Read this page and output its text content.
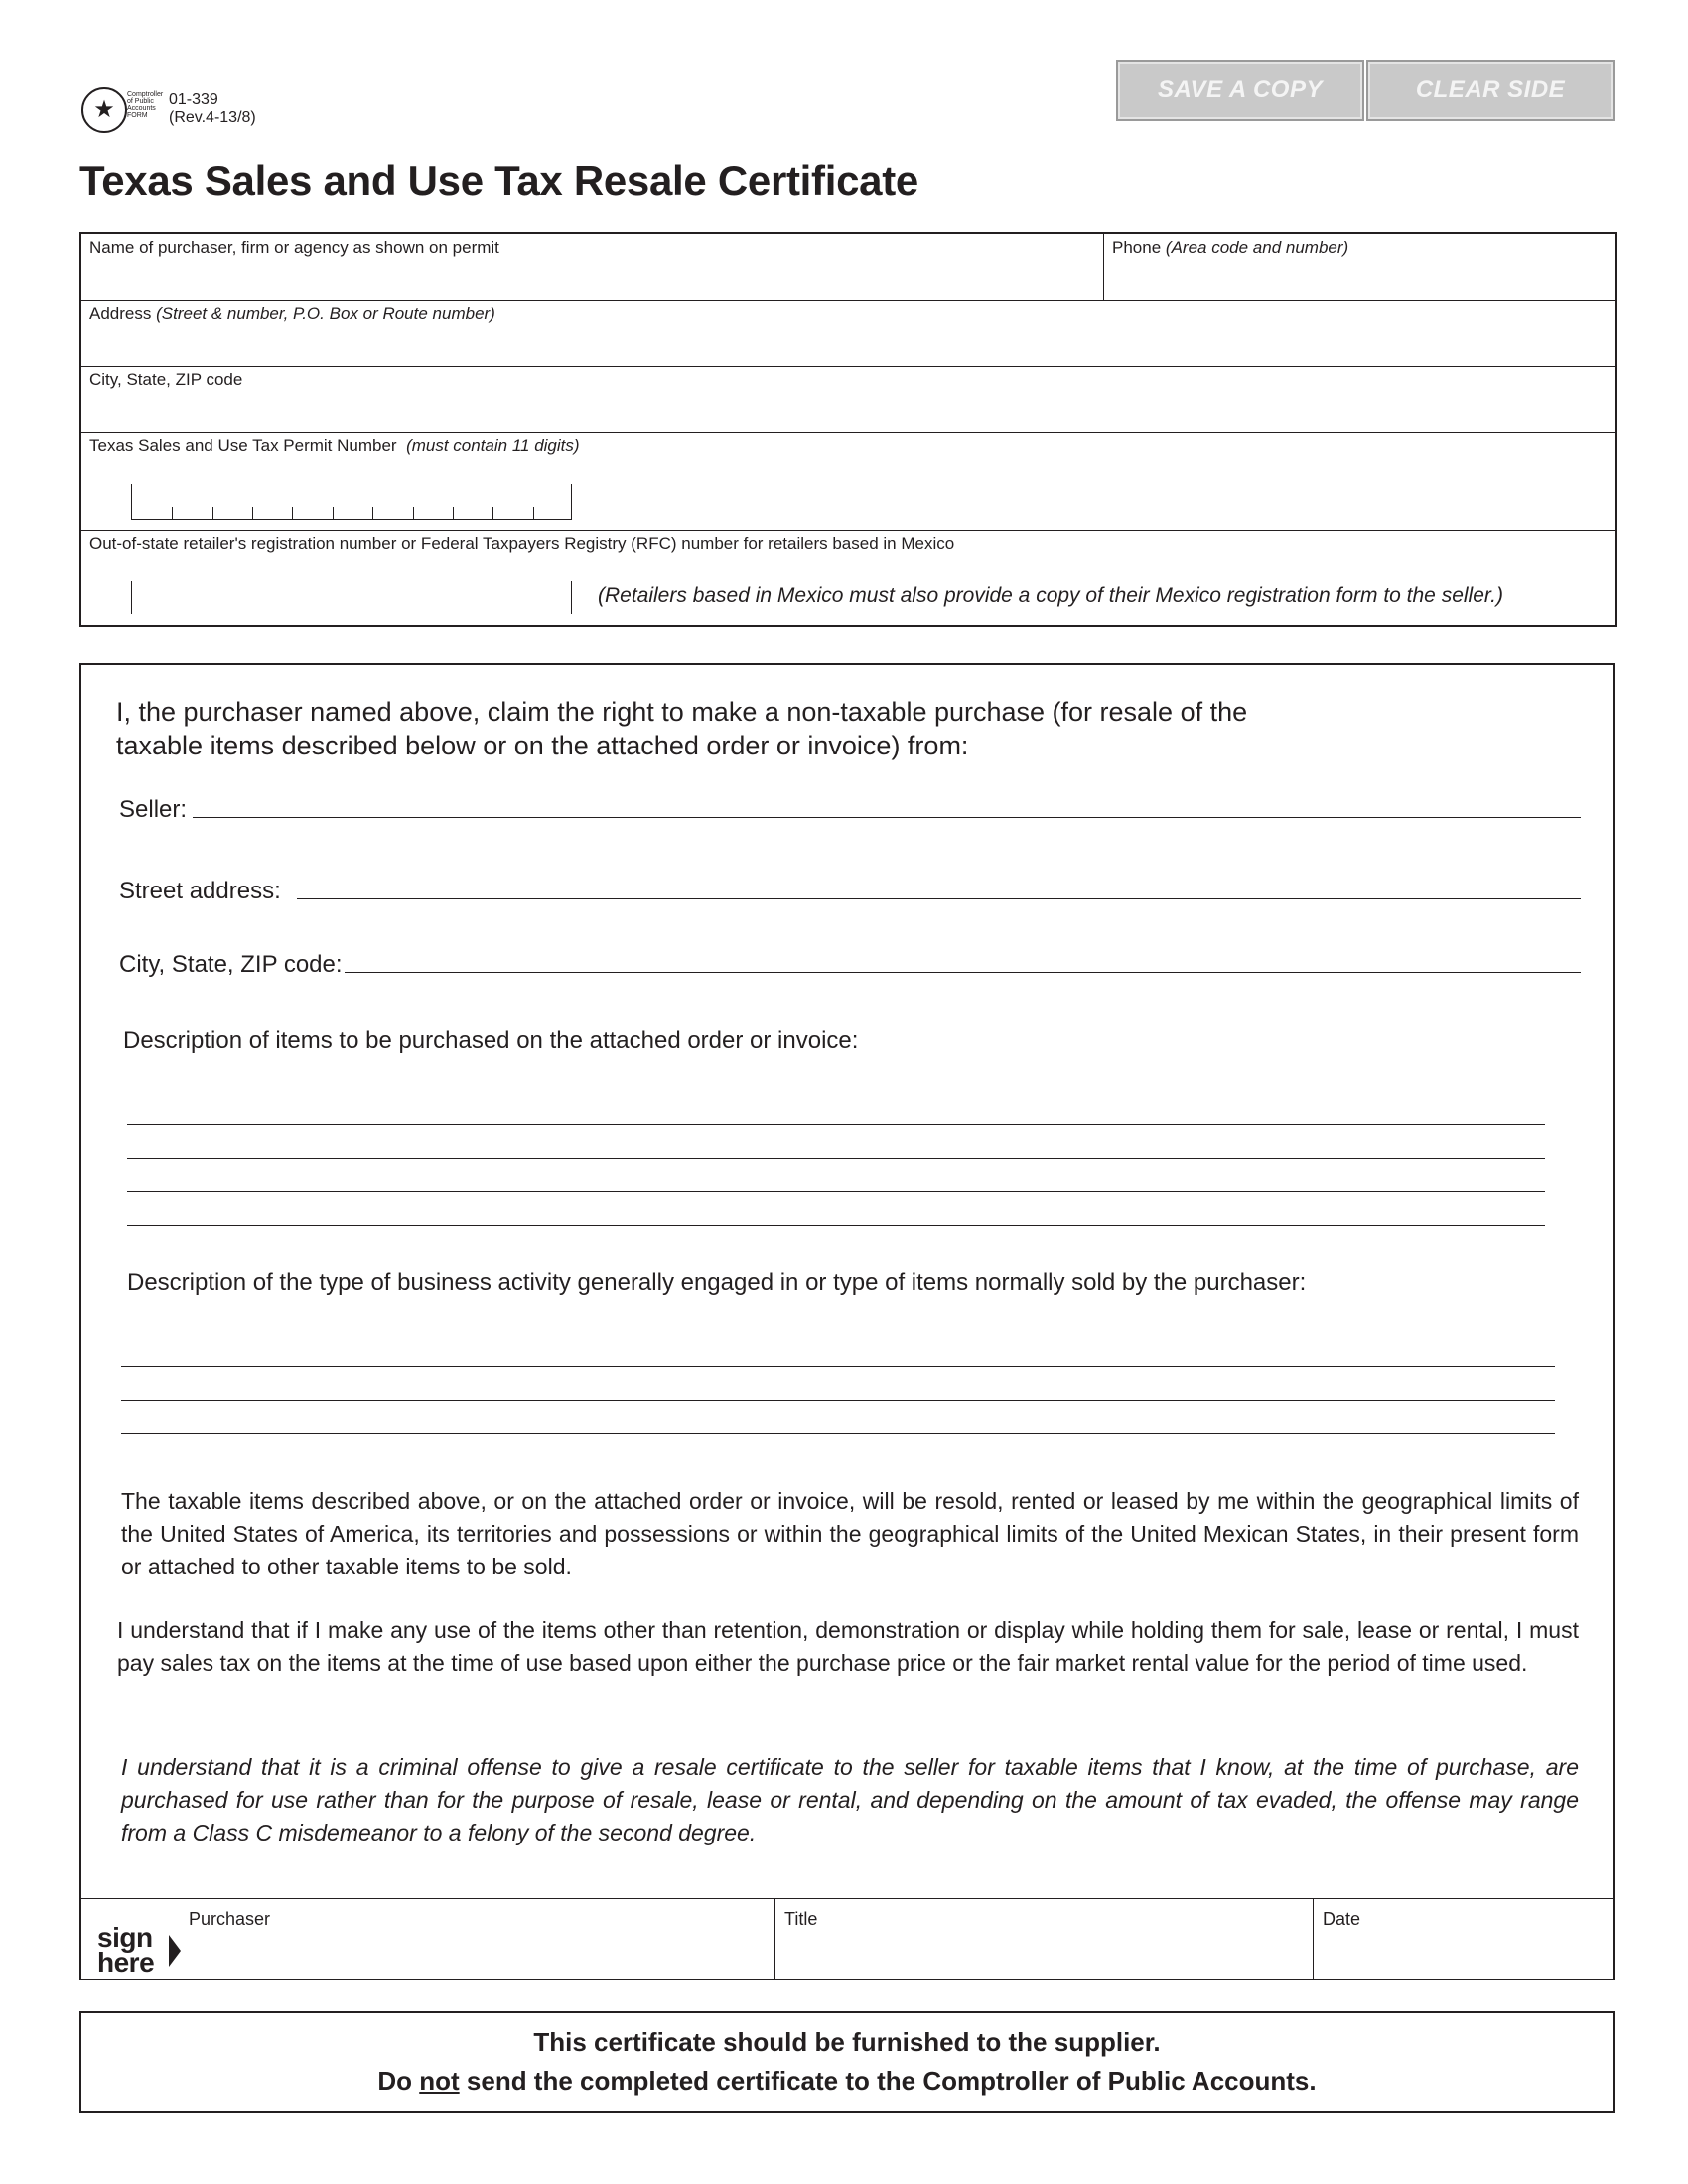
★
Comptroller of Public Accounts FORM
01-339
(Rev.4-13/8)
SAVE A COPY	CLEAR SIDE
Texas Sales and Use Tax Resale Certificate
Name of purchaser, firm or agency as shown on permit	Phone (Area code and number)
Address (Street & number, P.O. Box or Route number)
City, State, ZIP code
Texas Sales and Use Tax Permit Number (must contain 11 digits)
Out-of-state retailer's registration number or Federal Taxpayers Registry (RFC) number for retailers based in Mexico
(Retailers based in Mexico must also provide a copy of their Mexico registration form to the seller.)
I, the purchaser named above, claim the right to make a non-taxable purchase (for resale of the taxable items described below or on the attached order or invoice) from:
Seller:
Street address:
City, State, ZIP code:
Description of items to be purchased on the attached order or invoice:
Description of the type of business activity generally engaged in or type of items normally sold by the purchaser:
The taxable items described above, or on the attached order or invoice, will be resold, rented or leased by me within the geographical limits of the United States of America, its territories and possessions or within the geographical limits of the United Mexican States, in their present form or attached to other taxable items to be sold.
I understand that if I make any use of the items other than retention, demonstration or display while holding them for sale, lease or rental, I must pay sales tax on the items at the time of use based upon either the purchase price or the fair market rental value for the period of time used.
I understand that it is a criminal offense to give a resale certificate to the seller for taxable items that I know, at the time of purchase, are purchased for use rather than for the purpose of resale, lease or rental, and depending on the amount of tax evaded, the offense may range from a Class C misdemeanor to a felony of the second degree.
sign
here
Purchaser	Title	Date
This certificate should be furnished to the supplier.
Do not send the completed certificate to the Comptroller of Public Accounts.
